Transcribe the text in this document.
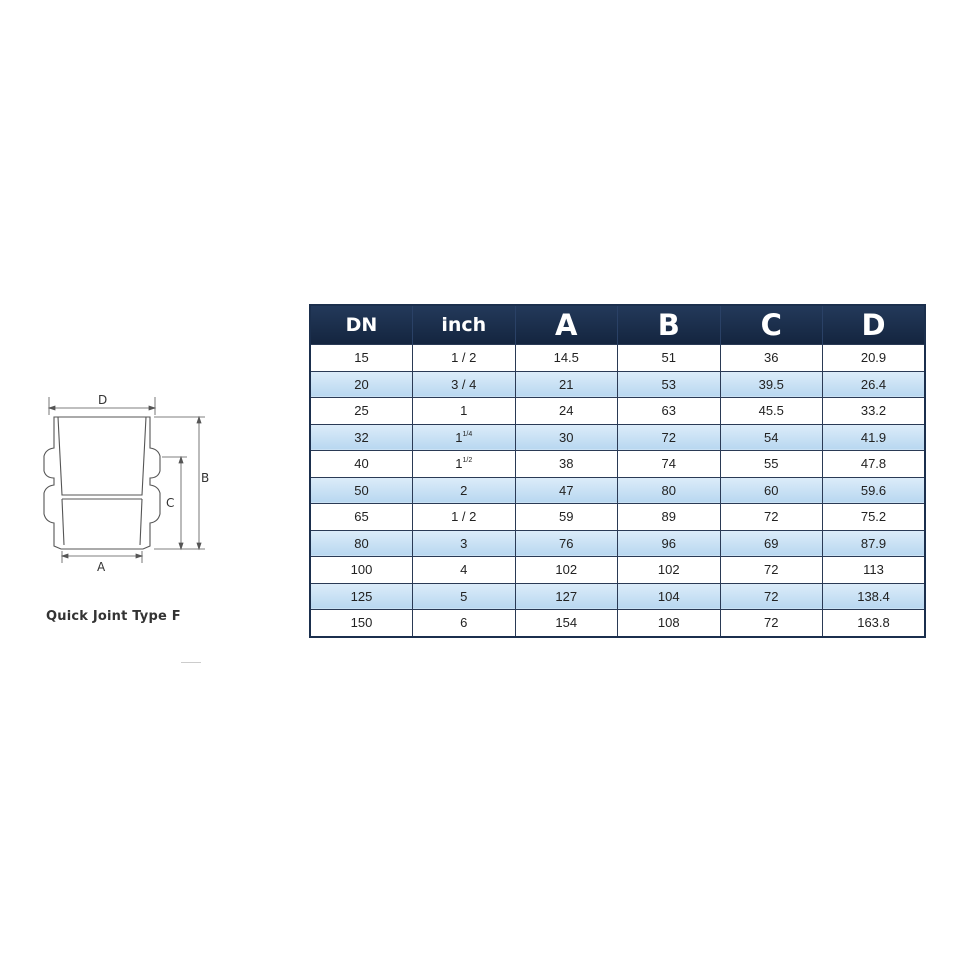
D
A
B
C
Quick Joint Type F
DN	inch	A	B	C	D
15	1 / 2	14.5	51	36	20.9
20	3 / 4	21	53	39.5	26.4
25	1	24	63	45.5	33.2
32	$1^{1/4}$	30	72	54	41.9
40	$1^{1/2}$	38	74	55	47.8
50	2	47	80	60	59.6
65	1 / 2	59	89	72	75.2
80	3	76	96	69	87.9
100	4	102	102	72	113
125	5	127	104	72	138.4
150	6	154	108	72	163.8
